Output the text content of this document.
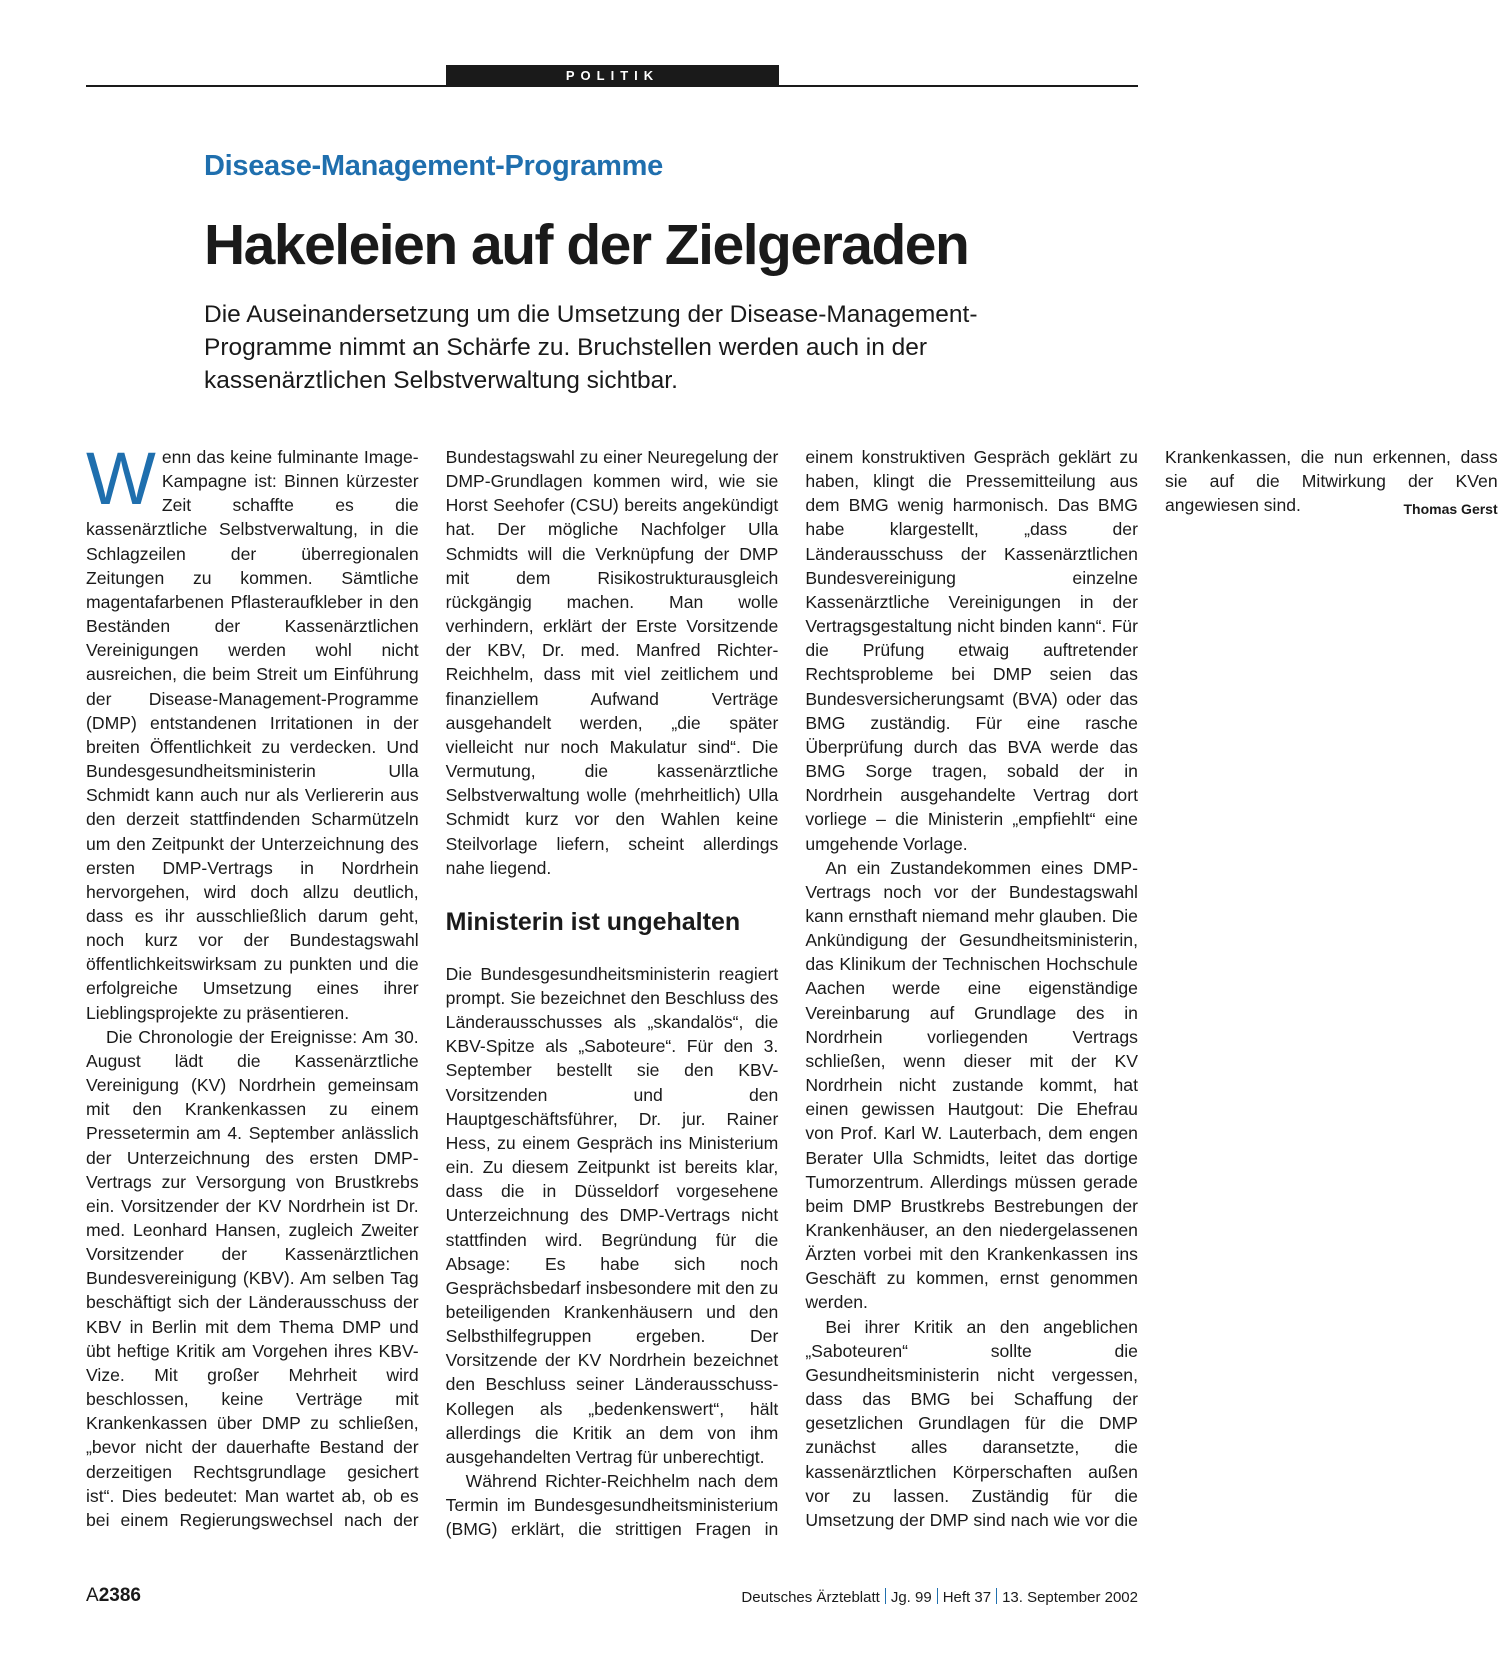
POLITIK
Disease-Management-Programme
Hakeleien auf der Zielgeraden
Die Auseinandersetzung um die Umsetzung der Disease-Management-Programme nimmt an Schärfe zu. Bruchstellen werden auch in der kassenärztlichen Selbstverwaltung sichtbar.

Wenn das keine fulminante Image-Kampagne ist: Binnen kürzester Zeit schaffte es die kassenärztliche Selbstverwaltung, in die Schlagzeilen der überregionalen Zeitungen zu kommen. Sämtliche magentafarbenen Pflasteraufkleber in den Beständen der Kassenärztlichen Vereinigungen werden wohl nicht ausreichen, die beim Streit um Einführung der Disease-Management-Programme (DMP) entstandenen Irritationen in der breiten Öffentlichkeit zu verdecken. Und Bundesgesundheitsministerin Ulla Schmidt kann auch nur als Verliererin aus den derzeit stattfindenden Scharmützeln um den Zeitpunkt der Unterzeichnung des ersten DMP-Vertrags in Nordrhein hervorgehen, wird doch allzu deutlich, dass es ihr ausschließlich darum geht, noch kurz vor der Bundestagswahl öffentlichkeitswirksam zu punkten und die erfolgreiche Umsetzung eines ihrer Lieblingsprojekte zu präsentieren.

Die Chronologie der Ereignisse: Am 30. August lädt die Kassenärztliche Vereinigung (KV) Nordrhein gemeinsam mit den Krankenkassen zu einem Pressetermin am 4. September anlässlich der Unterzeichnung des ersten DMP-Vertrags zur Versorgung von Brustkrebs ein. Vorsitzender der KV Nordrhein ist Dr. med. Leonhard Hansen, zugleich Zweiter Vorsitzender der Kassenärztlichen Bundesvereinigung (KBV). Am selben Tag beschäftigt sich der Länderausschuss der KBV in Berlin mit dem Thema DMP und übt heftige Kritik am Vorgehen ihres KBV-Vize. Mit großer Mehrheit wird beschlossen, keine Verträge mit Krankenkassen über DMP zu schließen, „bevor nicht der dauerhafte Bestand der derzeitigen Rechtsgrundlage gesichert ist“. Dies bedeutet: Man wartet ab, ob es bei einem Regierungswechsel nach der Bundestagswahl zu einer Neuregelung der DMP-Grundlagen kommen wird, wie sie Horst Seehofer (CSU) bereits angekündigt hat. Der mögliche Nachfolger Ulla Schmidts will die Verknüpfung der DMP mit dem Risikostrukturausgleich rückgängig machen. Man wolle verhindern, erklärt der Erste Vorsitzende der KBV, Dr. med. Manfred Richter-Reichhelm, dass mit viel zeitlichem und finanziellem Aufwand Verträge ausgehandelt werden, „die später vielleicht nur noch Makulatur sind“. Die Vermutung, die kassenärztliche Selbstverwaltung wolle (mehrheitlich) Ulla Schmidt kurz vor den Wahlen keine Steilvorlage liefern, scheint allerdings nahe liegend.

Ministerin ist ungehalten

Die Bundesgesundheitsministerin reagiert prompt. Sie bezeichnet den Beschluss des Länderausschusses als „skandalös“, die KBV-Spitze als „Saboteure“. Für den 3. September bestellt sie den KBV-Vorsitzenden und den Hauptgeschäftsführer, Dr. jur. Rainer Hess, zu einem Gespräch ins Ministerium ein. Zu diesem Zeitpunkt ist bereits klar, dass die in Düsseldorf vorgesehene Unterzeichnung des DMP-Vertrags nicht stattfinden wird. Begründung für die Absage: Es habe sich noch Gesprächsbedarf insbesondere mit den zu beteiligenden Krankenhäusern und den Selbsthilfegruppen ergeben. Der Vorsitzende der KV Nordrhein bezeichnet den Beschluss seiner Länderausschuss-Kollegen als „bedenkenswert“, hält allerdings die Kritik an dem von ihm ausgehandelten Vertrag für unberechtigt.

Während Richter-Reichhelm nach dem Termin im Bundesgesundheitsministerium (BMG) erklärt, die strittigen Fragen in einem konstruktiven Gespräch geklärt zu haben, klingt die Pressemitteilung aus dem BMG wenig harmonisch. Das BMG habe klargestellt, „dass der Länderausschuss der Kassenärztlichen Bundesvereinigung einzelne Kassenärztliche Vereinigungen in der Vertragsgestaltung nicht binden kann“. Für die Prüfung etwaig auftretender Rechtsprobleme bei DMP seien das Bundesversicherungsamt (BVA) oder das BMG zuständig. Für eine rasche Überprüfung durch das BVA werde das BMG Sorge tragen, sobald der in Nordrhein ausgehandelte Vertrag dort vorliege – die Ministerin „empfiehlt“ eine umgehende Vorlage.

An ein Zustandekommen eines DMP-Vertrags noch vor der Bundestagswahl kann ernsthaft niemand mehr glauben. Die Ankündigung der Gesundheitsministerin, das Klinikum der Technischen Hochschule Aachen werde eine eigenständige Vereinbarung auf Grundlage des in Nordrhein vorliegenden Vertrags schließen, wenn dieser mit der KV Nordrhein nicht zustande kommt, hat einen gewissen Hautgout: Die Ehefrau von Prof. Karl W. Lauterbach, dem engen Berater Ulla Schmidts, leitet das dortige Tumorzentrum. Allerdings müssen gerade beim DMP Brustkrebs Bestrebungen der Krankenhäuser, an den niedergelassenen Ärzten vorbei mit den Krankenkassen ins Geschäft zu kommen, ernst genommen werden.

Bei ihrer Kritik an den angeblichen „Saboteuren“ sollte die Gesundheitsministerin nicht vergessen, dass das BMG bei Schaffung der gesetzlichen Grundlagen für die DMP zunächst alles daransetzte, die kassenärztlichen Körperschaften außen vor zu lassen. Zuständig für die Umsetzung der DMP sind nach wie vor die Krankenkassen, die nun erkennen, dass sie auf die Mitwirkung der KVen angewiesen sind.	Thomas Gerst

A2386	Deutsches Ärzteblatt Jg. 99 Heft 37 13. September 2002
